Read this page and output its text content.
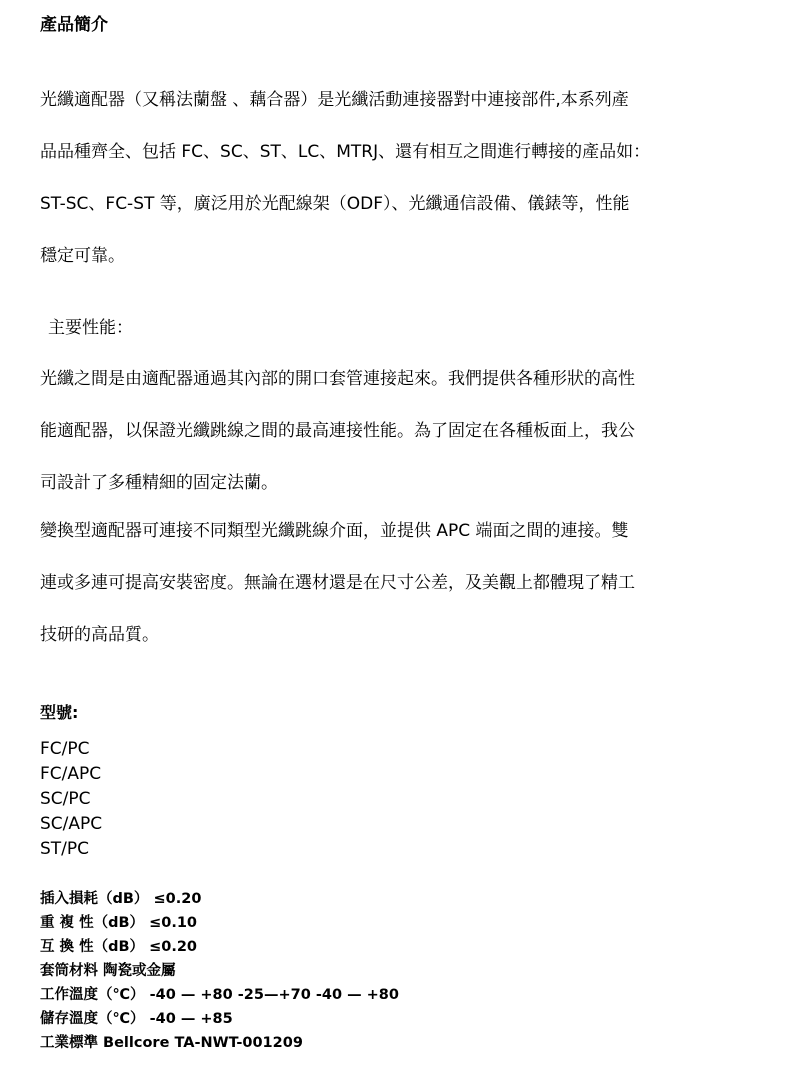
產品簡介
光纖適配器（又稱法蘭盤 、藕合器）是光纖活動連接器對中連接部件,本系列產
品品種齊全、包括 FC、SC、ST、LC、MTRJ、還有相互之間進行轉接的產品如：
ST-SC、FC-ST 等，廣泛用於光配線架（ODF）、光纖通信設備、儀錶等，性能
穩定可靠。
主要性能：
光纖之間是由適配器通過其內部的開口套管連接起來。我們提供各種形狀的高性
能適配器，以保證光纖跳線之間的最高連接性能。為了固定在各種板面上，我公
司設計了多種精細的固定法蘭。
變換型適配器可連接不同類型光纖跳線介面，並提供 APC 端面之間的連接。雙
連或多連可提高安裝密度。無論在選材還是在尺寸公差，及美觀上都體現了精工
技研的高品質。
型號:
FC/PC
FC/APC
SC/PC
SC/APC
ST/PC
插入損耗（dB） ≤0.20
重 複 性（dB） ≤0.10
互 換 性（dB） ≤0.20
套筒材料 陶瓷或金屬
工作溫度（℃） -40 — +80 -25—+70 -40 — +80
儲存溫度（℃） -40 — +85
工業標準 Bellcore TA-NWT-001209
